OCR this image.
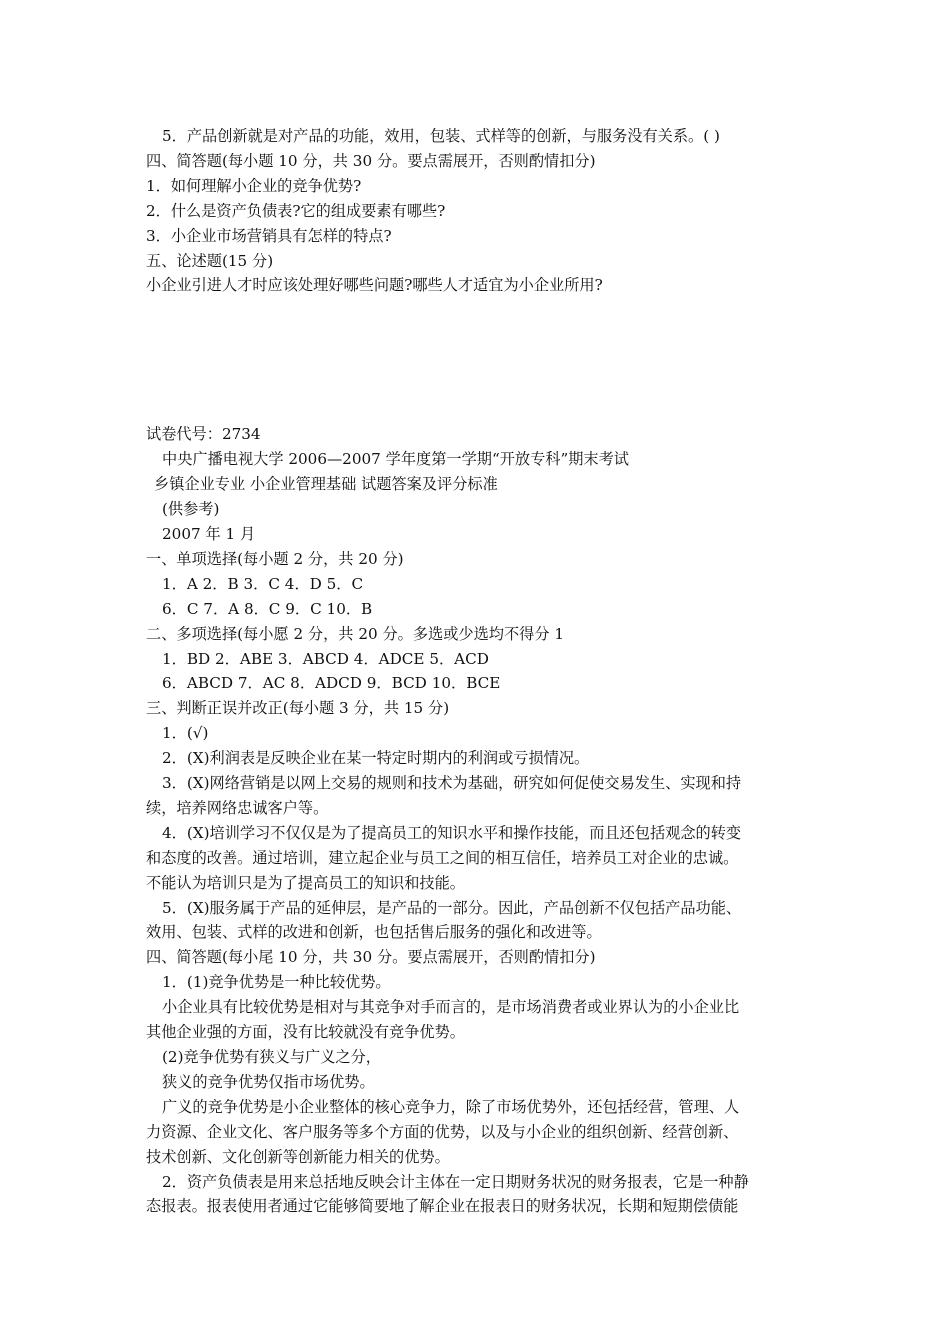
5．产品创新就是对产品的功能，效用，包装、式样等的创新，与服务没有关系。( )
四、简答题(每小题 10 分，共 30 分。要点需展开，否则酌情扣分)
1．如何理解小企业的竞争优势?
2．什么是资产负债表?它的组成要素有哪些?
3．小企业市场营销具有怎样的特点?
五、论述题(15 分)
小企业引进人才时应该处理好哪些问题?哪些人才适宜为小企业所用?
试卷代号：2734
中央广播电视大学 2006—2007 学年度第一学期“开放专科”期末考试
乡镇企业专业 小企业管理基础 试题答案及评分标准
(供参考)
2007 年 1 月
一、单项选择(每小题 2 分，共 20 分)
1．A 2．B 3．C 4．D 5．C
6．C 7．A 8．C 9．C 10．B
二、多项选择(每小愿 2 分，共 20 分。多选或少选均不得分 1
1．BD 2．ABE 3．ABCD 4．ADCE 5．ACD
6．ABCD 7．AC 8．ADCD 9．BCD 10．BCE
三、判断正误并改正(每小题 3 分，共 15 分)
1．(√)
2．(X)利润表是反映企业在某一特定时期内的利润或亏损情况。
3．(X)网络营销是以网上交易的规则和技术为基础，研究如何促使交易发生、实现和持
续，培养网络忠诚客户等。
4．(X)培训学习不仅仅是为了提高员工的知识水平和操作技能，而且还包括观念的转变
和态度的改善。通过培训，建立起企业与员工之间的相互信任，培养员工对企业的忠诚。
不能认为培训只是为了提高员工的知识和技能。
5．(X)服务属于产品的延伸层，是产品的一部分。因此，产品创新不仅包括产品功能、
效用、包装、式样的改进和创新，也包括售后服务的强化和改进等。
四、简答题(每小尾 10 分，共 30 分。要点需展开，否则酌情扣分)
1．(1)竞争优势是一种比较优势。
小企业具有比较优势是相对与其竞争对手而言的，是市场消费者或业界认为的小企业比
其他企业强的方面，没有比较就没有竞争优势。
(2)竞争优势有狭义与广义之分，
狭义的竞争优势仅指市场优势。
广义的竞争优势是小企业整体的核心竞争力，除了市场优势外，还包括经营，管理、人
力资源、企业文化、客户服务等多个方面的优势，以及与小企业的组织创新、经营创新、
技术创新、文化创新等创新能力相关的优势。
2．资产负债表是用来总括地反映会计主体在一定日期财务状况的财务报表，它是一种静
态报表。报表使用者通过它能够简要地了解企业在报表日的财务状况，长期和短期偿债能
